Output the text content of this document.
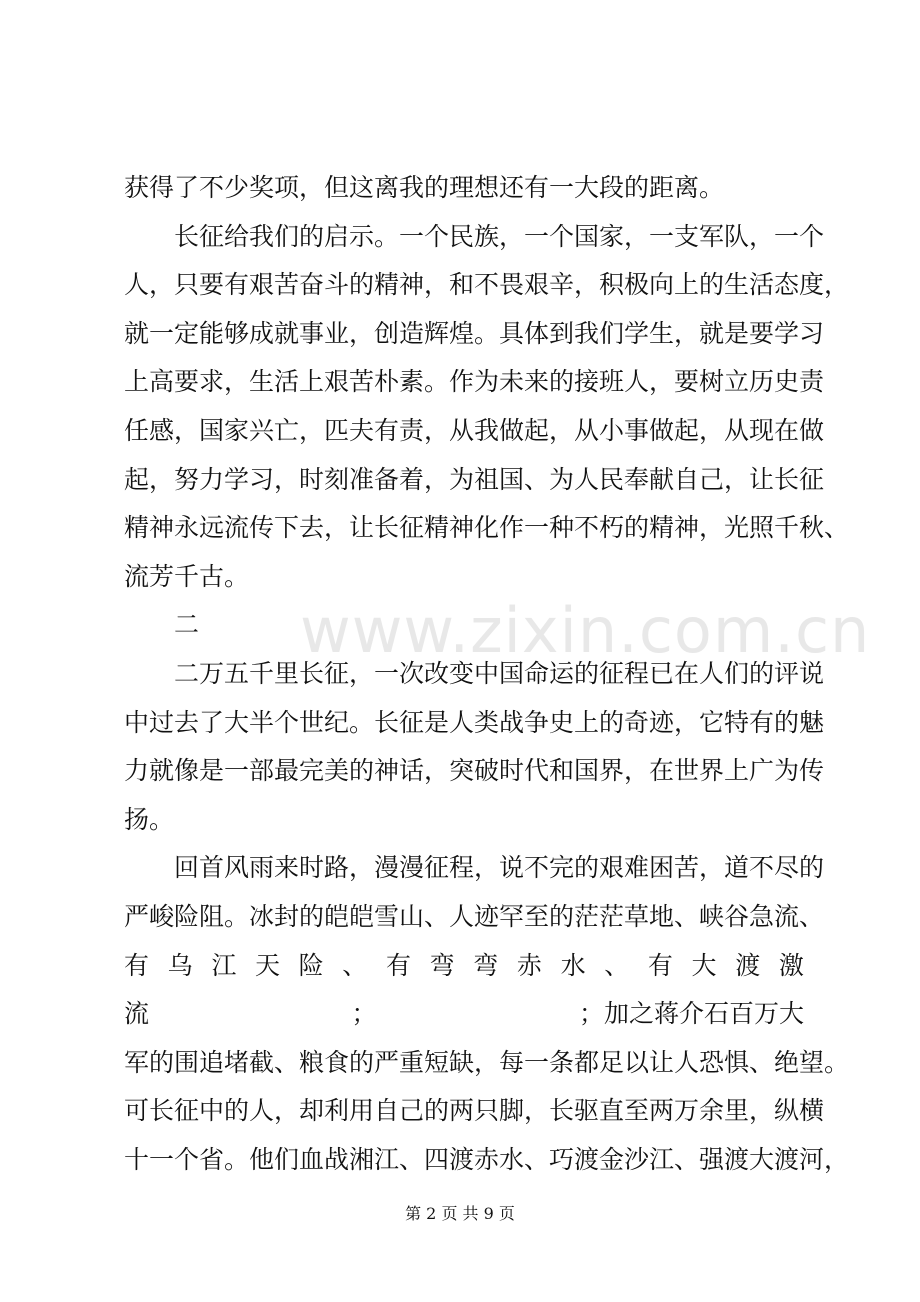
www.zixin.com.cn
获得了不少奖项，但这离我的理想还有一大段的距离。
长征给我们的启示。一个民族，一个国家，一支军队，一个
人，只要有艰苦奋斗的精神，和不畏艰辛，积极向上的生活态度，
就一定能够成就事业，创造辉煌。具体到我们学生，就是要学习
上高要求，生活上艰苦朴素。作为未来的接班人，要树立历史责
任感，国家兴亡，匹夫有责，从我做起，从小事做起，从现在做
起，努力学习，时刻准备着，为祖国、为人民奉献自己，让长征
精神永远流传下去，让长征精神化作一种不朽的精神，光照千秋、
流芳千古。
二
二万五千里长征，一次改变中国命运的征程已在人们的评说
中过去了大半个世纪。长征是人类战争史上的奇迹，它特有的魅
力就像是一部最完美的神话，突破时代和国界，在世界上广为传
扬。
回首风雨来时路，漫漫征程，说不完的艰难困苦，道不尽的
严峻险阻。冰封的皑皑雪山、人迹罕至的茫茫草地、峡谷急流、
有 乌 江 天 险 、 有 弯 弯 赤 水 、 有 大 渡 激
流	；	；加之蒋介石百万大
军的围追堵截、粮食的严重短缺，每一条都足以让人恐惧、绝望。
可长征中的人，却利用自己的两只脚，长驱直至两万余里，纵横
十一个省。他们血战湘江、四渡赤水、巧渡金沙江、强渡大渡河，
第 2 页 共 9 页
